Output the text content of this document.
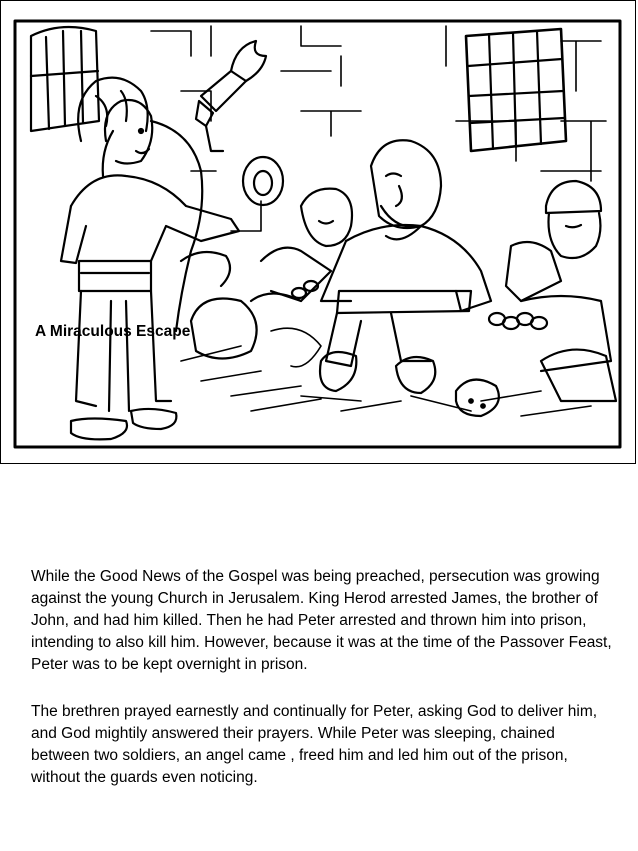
A Miraculous Escape

While the Good News of the Gospel was being preached, persecution was growing against the young Church in Jerusalem. King Herod arrested James, the brother of John, and had him killed. Then he had Peter arrested and thrown him into prison, intending to also kill him. However, because it was at the time of the Passover Feast, Peter was to be kept overnight in prison.

The brethren prayed earnestly and continually for Peter, asking God to deliver him, and God mightily answered their prayers. While Peter was sleeping, chained between two soldiers, an angel came , freed him and led him out of the prison, without the guards even noticing.
